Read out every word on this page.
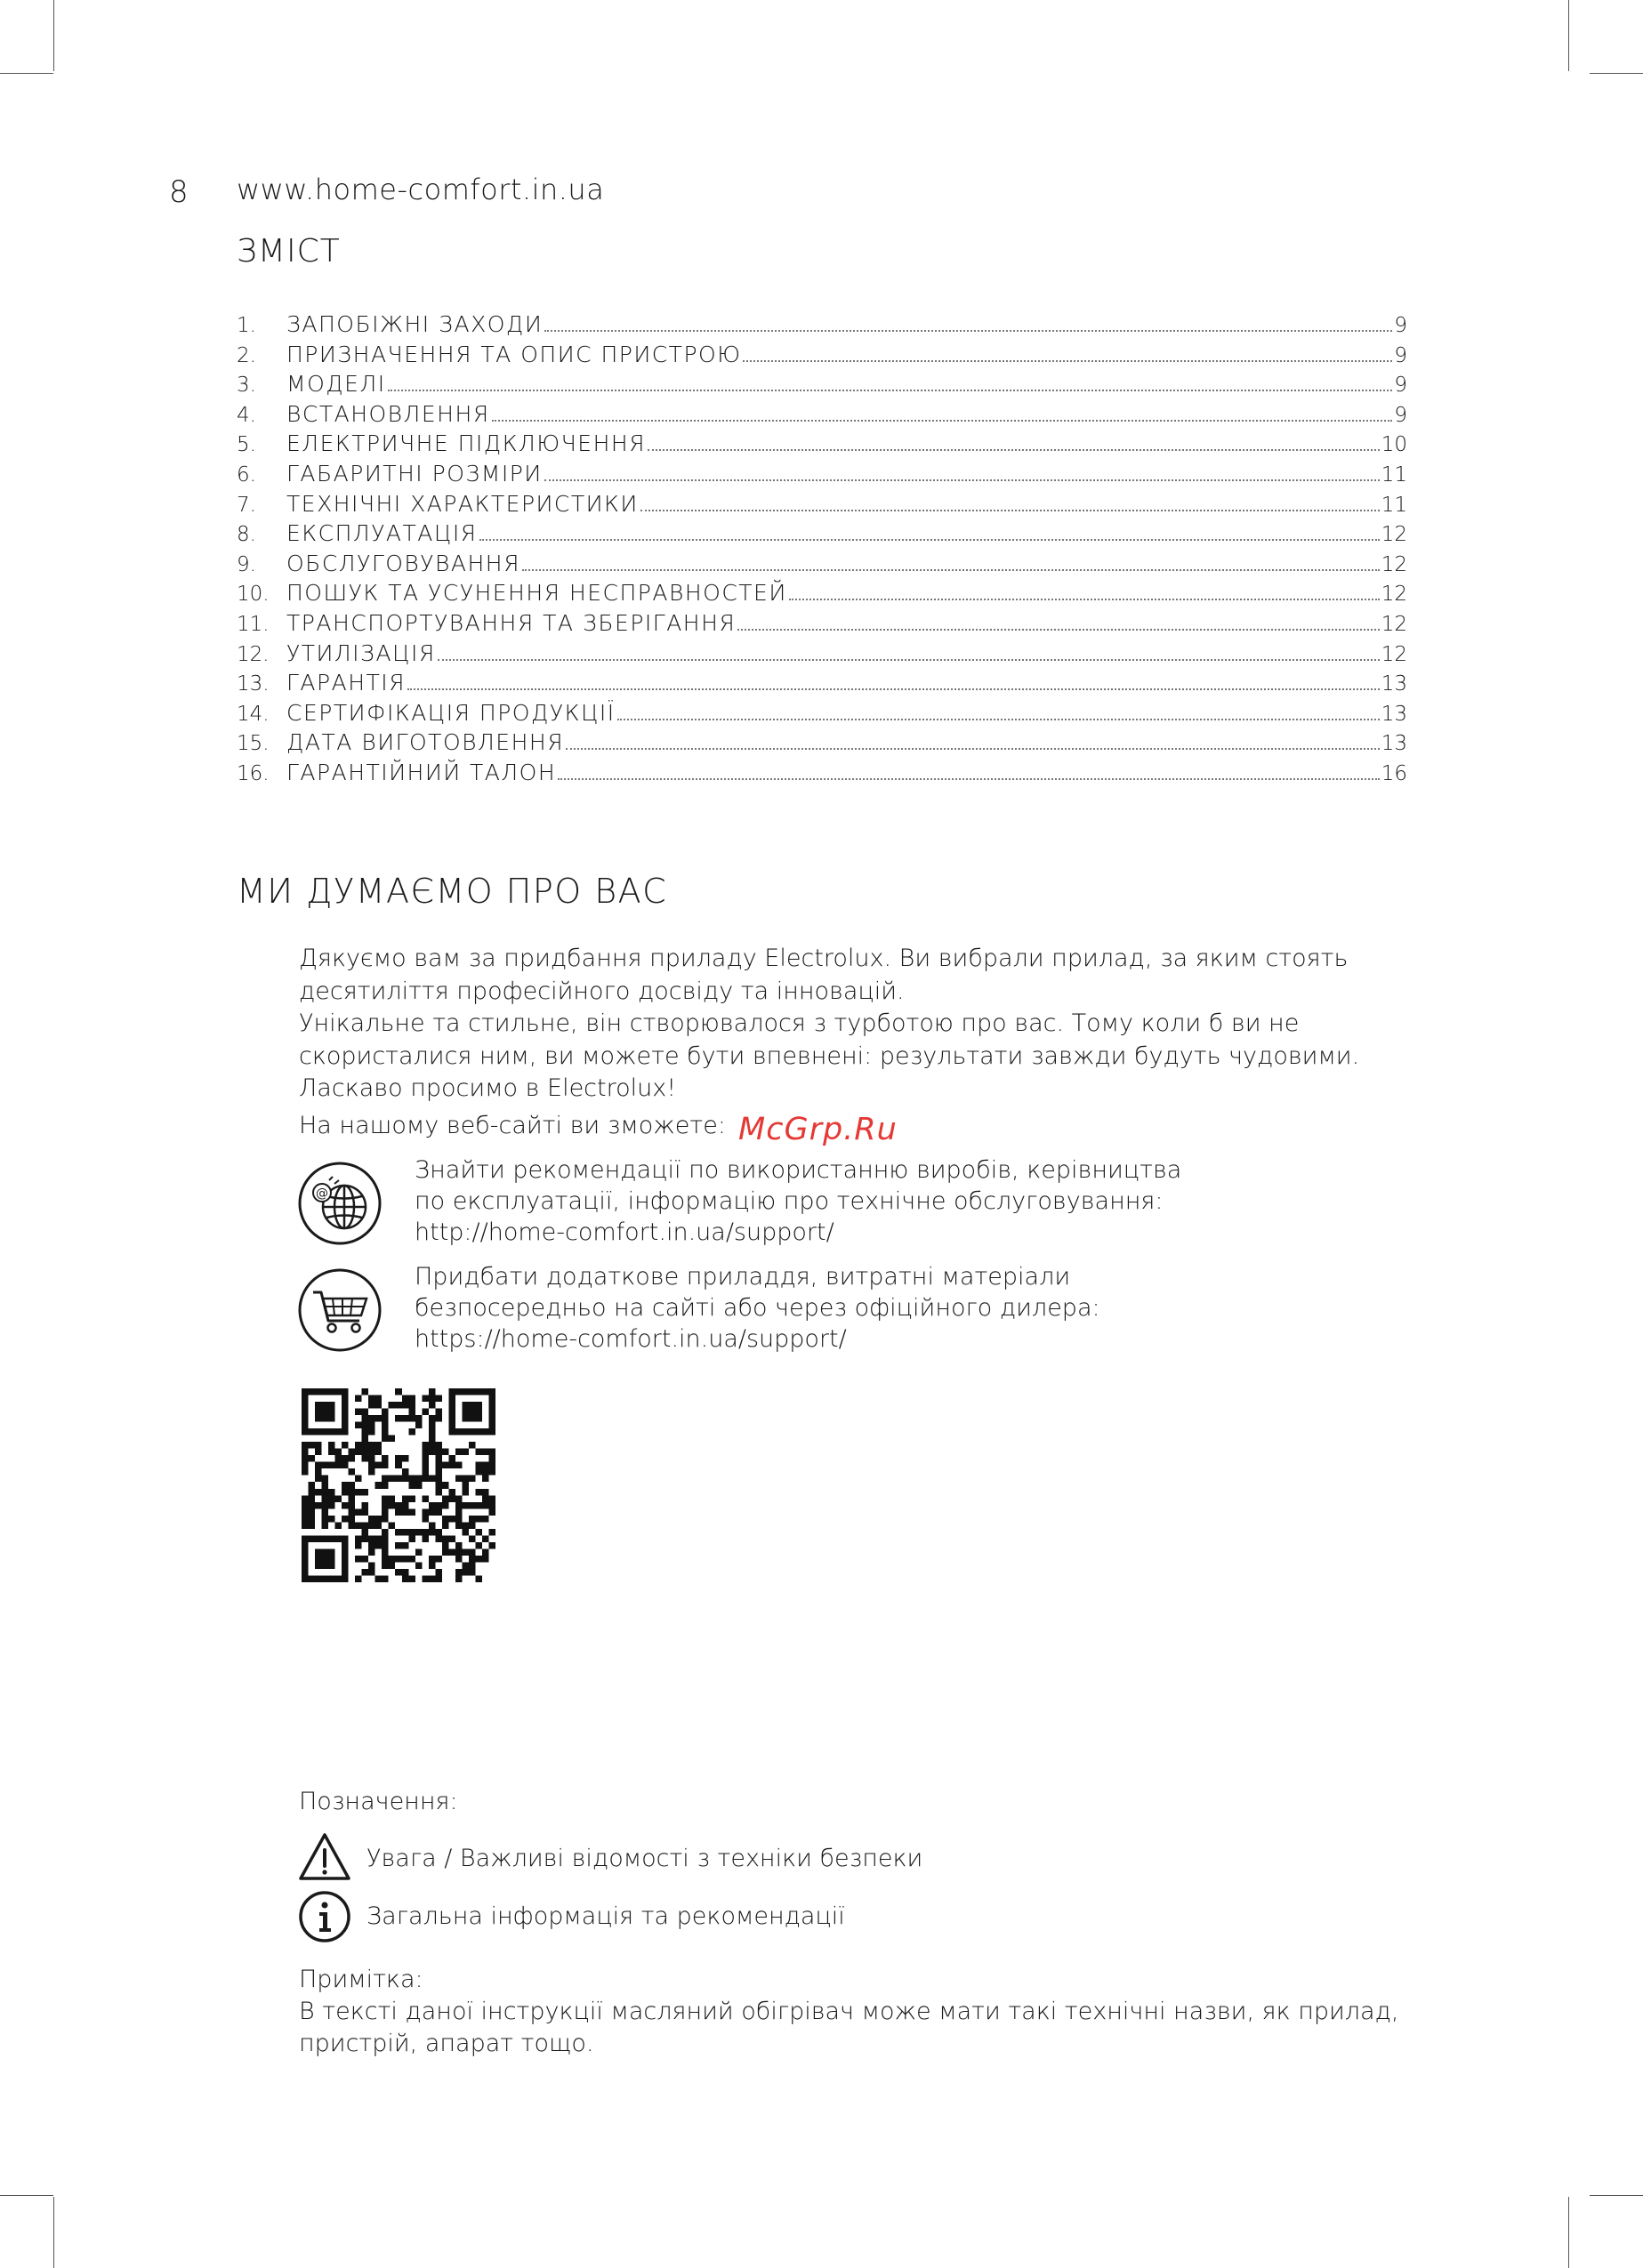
8 www.home-comfort.in.ua
ЗМІСТ
1.	ЗАПОБІЖНІ ЗАХОДИ	9
2.	ПРИЗНАЧЕННЯ ТА ОПИС ПРИСТРОЮ	9
3.	МОДЕЛІ	9
4.	ВСТАНОВЛЕННЯ	9
5.	ЕЛЕКТРИЧНЕ ПІДКЛЮЧЕННЯ	10
6.	ГАБАРИТНІ РОЗМІРИ	11
7.	ТЕХНІЧНІ ХАРАКТЕРИСТИКИ	11
8.	ЕКСПЛУАТАЦІЯ	12
9.	ОБСЛУГОВУВАННЯ	12
10. ПОШУК ТА УСУНЕННЯ НЕСПРАВНОСТЕЙ	12
11. ТРАНСПОРТУВАННЯ ТА ЗБЕРІГАННЯ	12
12. УТИЛІЗАЦІЯ	12
13. ГАРАНТІЯ	13
14. СЕРТИФІКАЦІЯ ПРОДУКЦІЇ	13
15. ДАТА ВИГОТОВЛЕННЯ	13
16. ГАРАНТІЙНИЙ ТАЛОН	16
МИ ДУМАЄМО ПРО ВАС
Дякуємо вам за придбання приладу Electrolux. Ви вибрали прилад, за яким стоять
десятиліття професійного досвіду та інновацій.
Унікальне та стильне, він створювалося з турботою про вас. Тому коли б ви не
скористалися ним, ви можете бути впевнені: результати завжди будуть чудовими.
Ласкаво просимо в Electrolux!
На нашому веб-сайті ви зможете: McGrp.Ru
@
Знайти рекомендації по використанню виробів, керівництва
по експлуатації, інформацію про технічне обслуговування:
http://home-comfort.in.ua/support/
Придбати додаткове приладдя, витратні матеріали
безпосередньо на сайті або через офіційного дилера:
https://home-comfort.in.ua/support/
Позначення:
Увага / Важливі відомості з техніки безпеки
Загальна інформація та рекомендації
Примітка:
В тексті даної інструкції масляний обігрівач може мати такі технічні назви, як прилад,
пристрій, апарат тощо.
